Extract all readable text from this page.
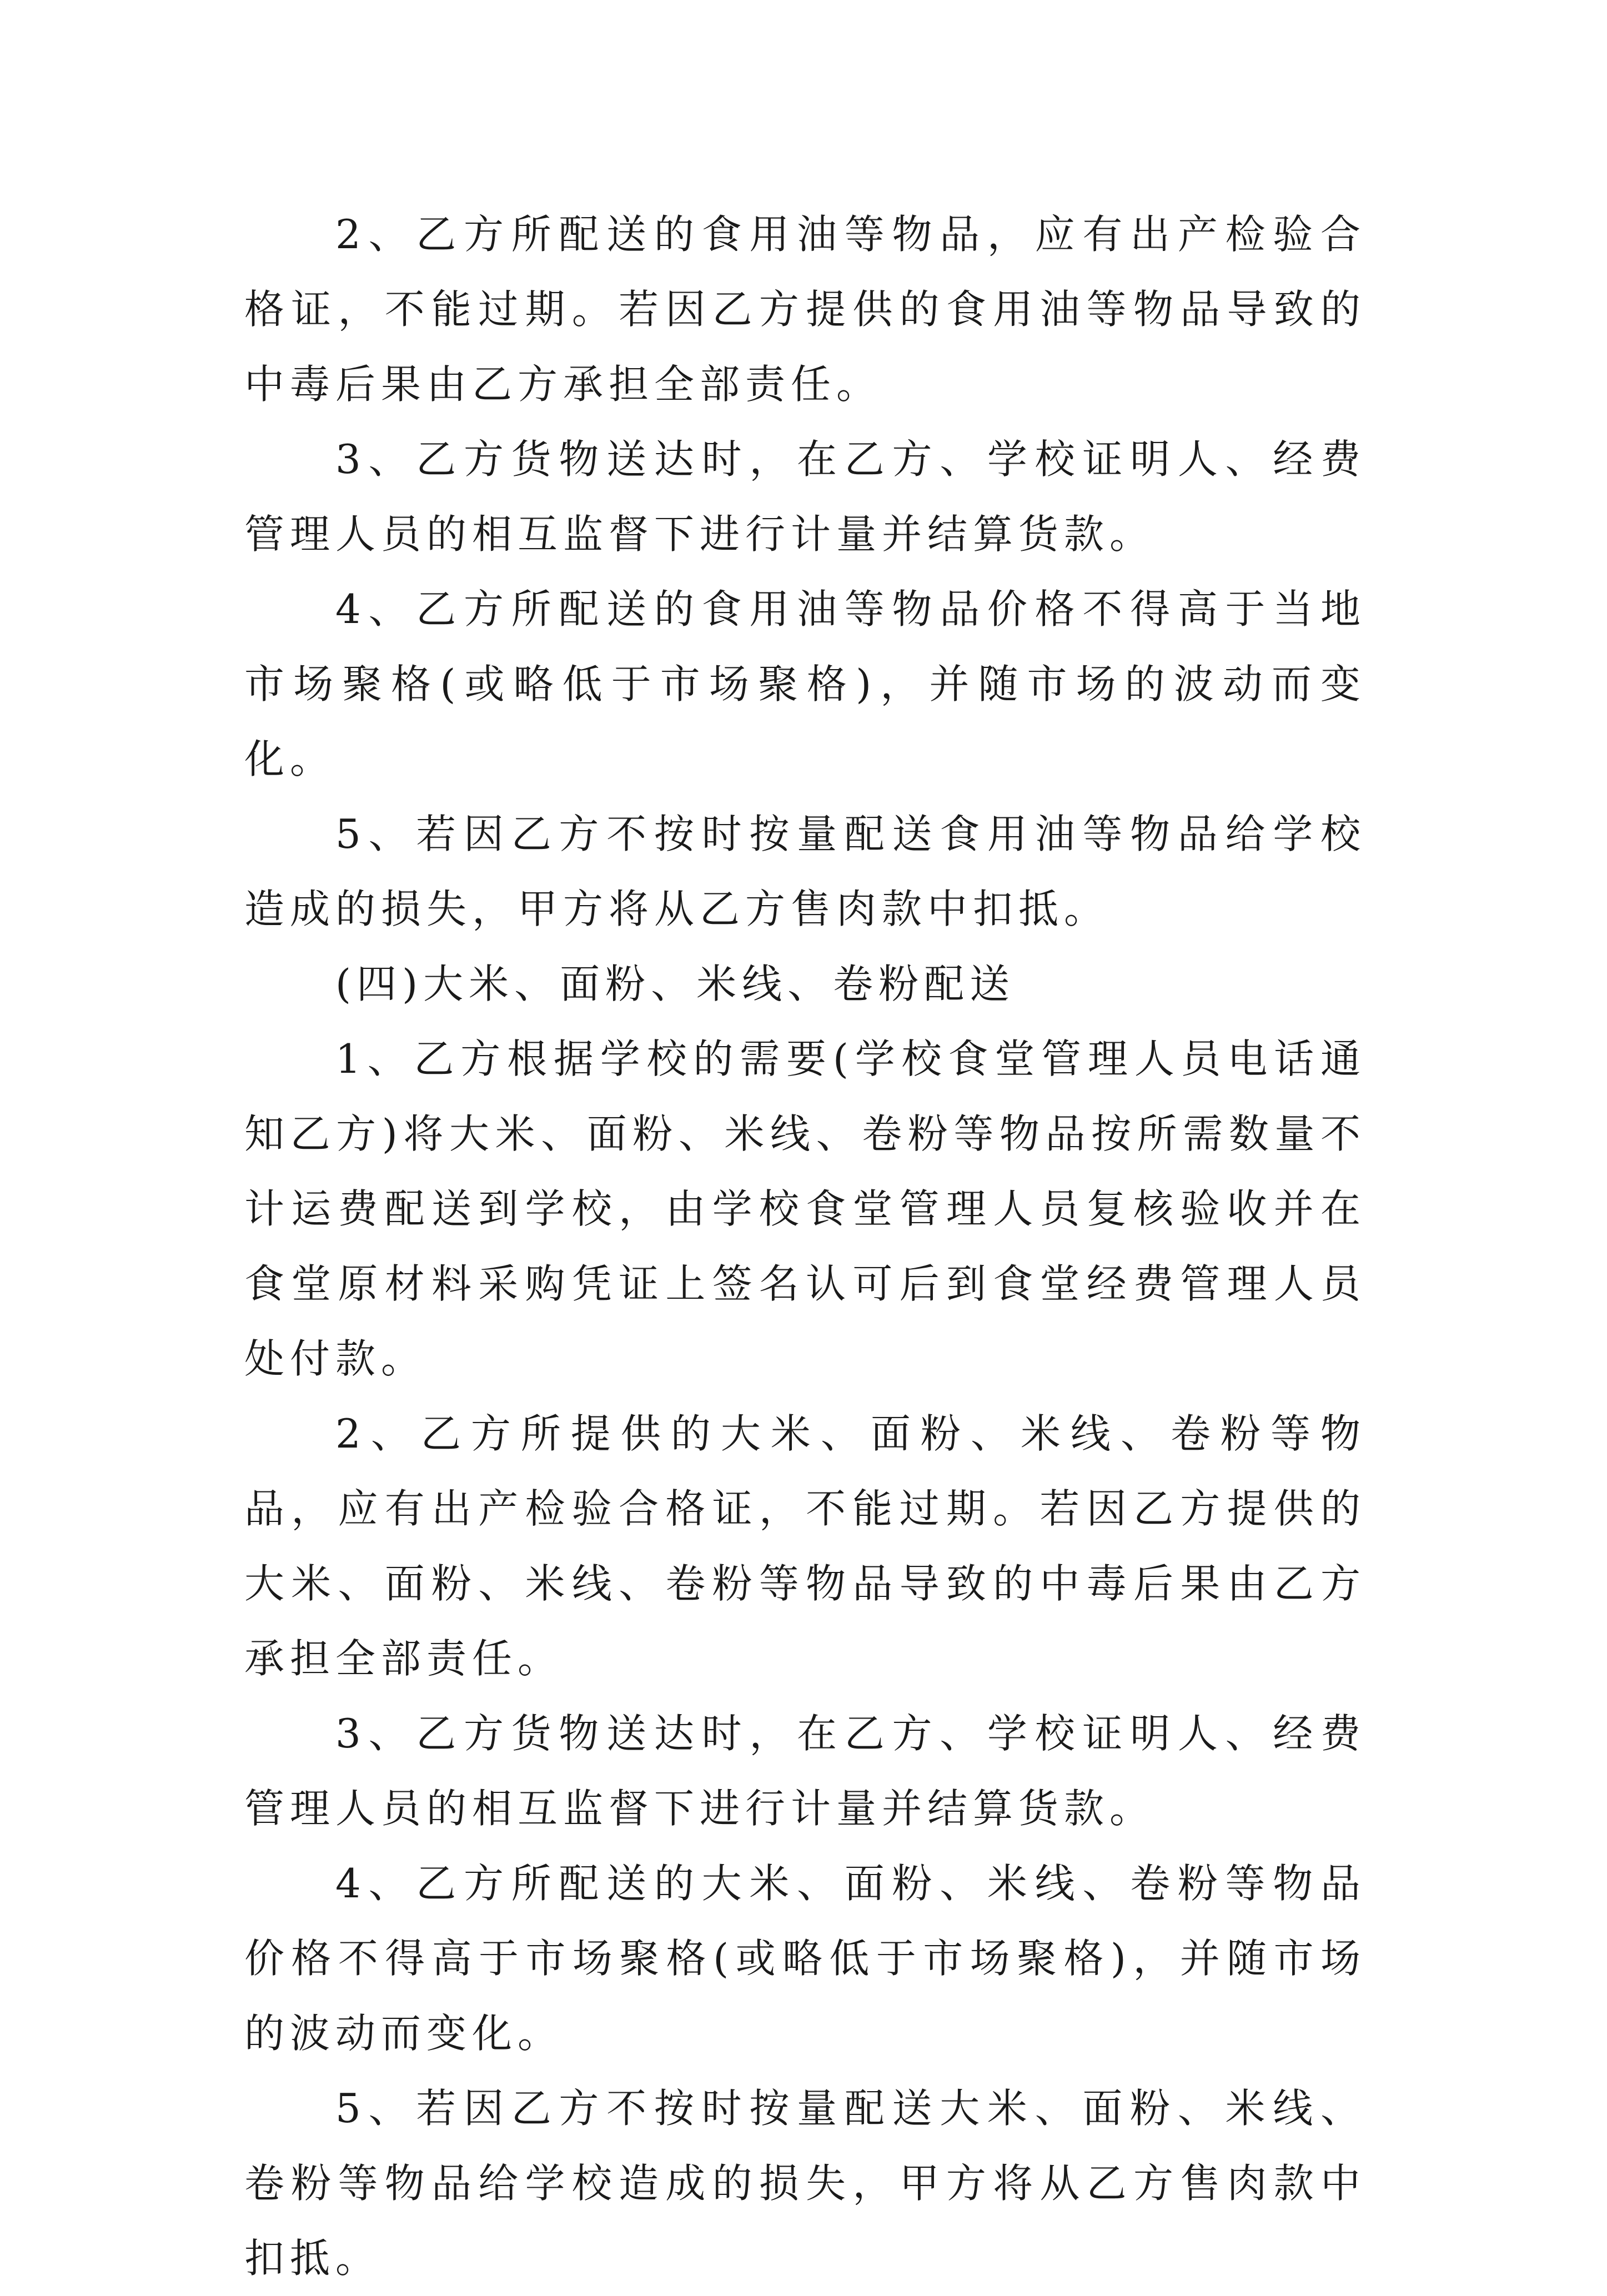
2、乙方所配送的食用油等物品，应有出产检验合格证，不能过期。若因乙方提供的食用油等物品导致的中毒后果由乙方承担全部责任。

3、乙方货物送达时，在乙方、学校证明人、经费管理人员的相互监督下进行计量并结算货款。

4、乙方所配送的食用油等物品价格不得高于当地市场聚格(或略低于市场聚格)，并随市场的波动而变化。

5、若因乙方不按时按量配送食用油等物品给学校造成的损失，甲方将从乙方售肉款中扣抵。

(四)大米、面粉、米线、卷粉配送

1、乙方根据学校的需要(学校食堂管理人员电话通知乙方)将大米、面粉、米线、卷粉等物品按所需数量不计运费配送到学校，由学校食堂管理人员复核验收并在食堂原材料采购凭证上签名认可后到食堂经费管理人员处付款。

2、乙方所提供的大米、面粉、米线、卷粉等物品，应有出产检验合格证，不能过期。若因乙方提供的大米、面粉、米线、卷粉等物品导致的中毒后果由乙方承担全部责任。

3、乙方货物送达时，在乙方、学校证明人、经费管理人员的相互监督下进行计量并结算货款。

4、乙方所配送的大米、面粉、米线、卷粉等物品价格不得高于市场聚格(或略低于市场聚格)，并随市场的波动而变化。

5、若因乙方不按时按量配送大米、面粉、米线、卷粉等物品给学校造成的损失，甲方将从乙方售肉款中扣抵。
